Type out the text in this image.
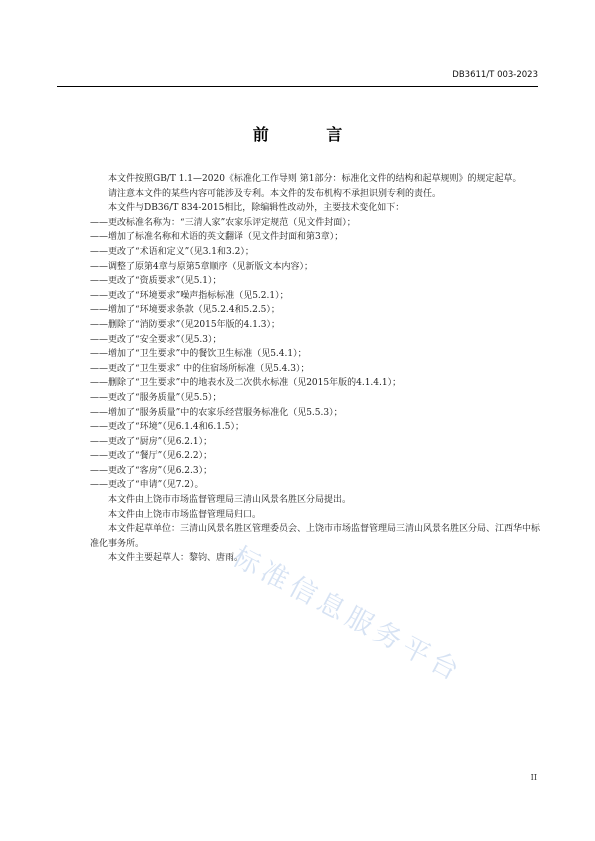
DB3611/T 003-2023
前 言

本文件按照GB/T 1.1—2020《标准化工作导则 第1部分：标准化文件的结构和起草规则》的规定起草。

请注意本文件的某些内容可能涉及专利。本文件的发布机构不承担识别专利的责任。

本文件与DB36/T 834-2015相比，除编辑性改动外，主要技术变化如下：

——更改标准名称为：“三清人家”农家乐评定规范（见文件封面）；

——增加了标准名称和术语的英文翻译（见文件封面和第3章）；

——更改了“术语和定义”（见3.1和3.2）；

——调整了原第4章与原第5章顺序（见新版文本内容）；

——更改了“资质要求”（见5.1）；

——更改了“环境要求”噪声指标标准（见5.2.1）；

——增加了“环境要求条款（见5.2.4和5.2.5）；

——删除了“消防要求”（见2015年版的4.1.3）；

——更改了“安全要求”（见5.3）；

——增加了“卫生要求”中的餐饮卫生标准（见5.4.1）；

——更改了“卫生要求” 中的住宿场所标准（见5.4.3）；

——删除了“卫生要求”中的地表水及二次供水标准（见2015年版的4.1.4.1）；

——更改了“服务质量”（见5.5）；

——增加了“服务质量”中的农家乐经营服务标准化（见5.5.3）；

——更改了“环境”（见6.1.4和6.1.5）；

——更改了“厨房”（见6.2.1）；

——更改了“餐厅”（见6.2.2）；

——更改了“客房”（见6.2.3）；

——更改了“申请”（见7.2）。

本文件由上饶市市场监督管理局三清山风景名胜区分局提出。

本文件由上饶市市场监督管理局归口。

本文件起草单位：三清山风景名胜区管理委员会、上饶市市场监督管理局三清山风景名胜区分局、江西华中标准化事务所。

本文件主要起草人：黎钧、唐雨。

标准信息服务平台
II
